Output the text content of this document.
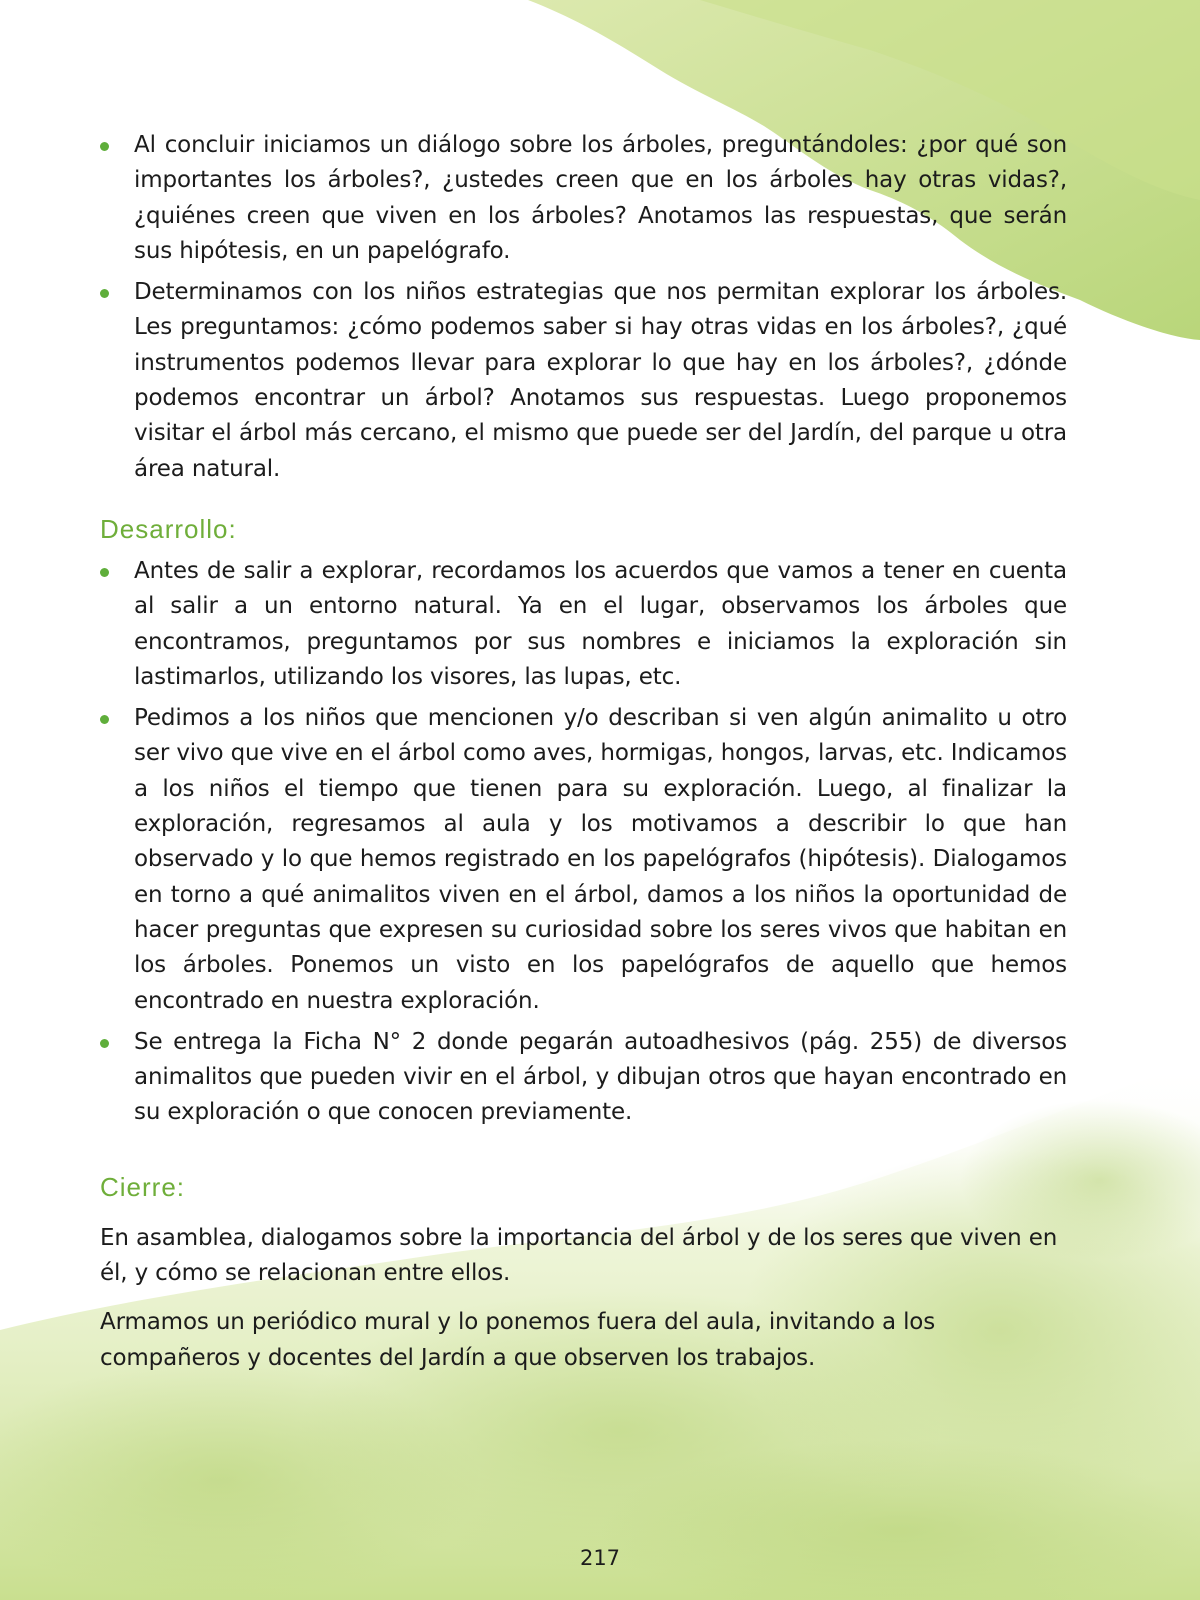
Al concluir iniciamos un diálogo sobre los árboles, preguntándoles: ¿por qué son importantes los árboles?, ¿ustedes creen que en los árboles hay otras vidas?, ¿quiénes creen que viven en los árboles? Anotamos las respuestas, que serán sus hipótesis, en un papelógrafo.
Determinamos con los niños estrategias que nos permitan explorar los árboles. Les preguntamos: ¿cómo podemos saber si hay otras vidas en los árboles?, ¿qué instrumentos podemos llevar para explorar lo que hay en los árboles?, ¿dónde podemos encontrar un árbol? Anotamos sus respuestas. Luego proponemos visitar el árbol más cercano, el mismo que puede ser del Jardín, del parque u otra área natural.
Desarrollo:
Antes de salir a explorar, recordamos los acuerdos que vamos a tener en cuenta al salir a un entorno natural. Ya en el lugar, observamos los árboles que encontramos, preguntamos por sus nombres e iniciamos la exploración sin lastimarlos, utilizando los visores, las lupas, etc.
Pedimos a los niños que mencionen y/o describan si ven algún animalito u otro ser vivo que vive en el árbol como aves, hormigas, hongos, larvas, etc. Indicamos a los niños el tiempo que tienen para su exploración. Luego, al finalizar la exploración, regresamos al aula y los motivamos a describir lo que han observado y lo que hemos registrado en los papelógrafos (hipótesis). Dialogamos en torno a qué animalitos viven en el árbol, damos a los niños la oportunidad de hacer preguntas que expresen su curiosidad sobre los seres vivos que habitan en los árboles. Ponemos un visto en los papelógrafos de aquello que hemos encontrado en nuestra exploración.
Se entrega la Ficha N° 2 donde pegarán autoadhesivos (pág. 255) de diversos animalitos que pueden vivir en el árbol, y dibujan otros que hayan encontrado en su exploración o que conocen previamente.
Cierre:

En asamblea, dialogamos sobre la importancia del árbol y de los seres que viven en él, y cómo se relacionan entre ellos.

Armamos un periódico mural y lo ponemos fuera del aula, invitando a los compañeros y docentes del Jardín a que observen los trabajos.

217
